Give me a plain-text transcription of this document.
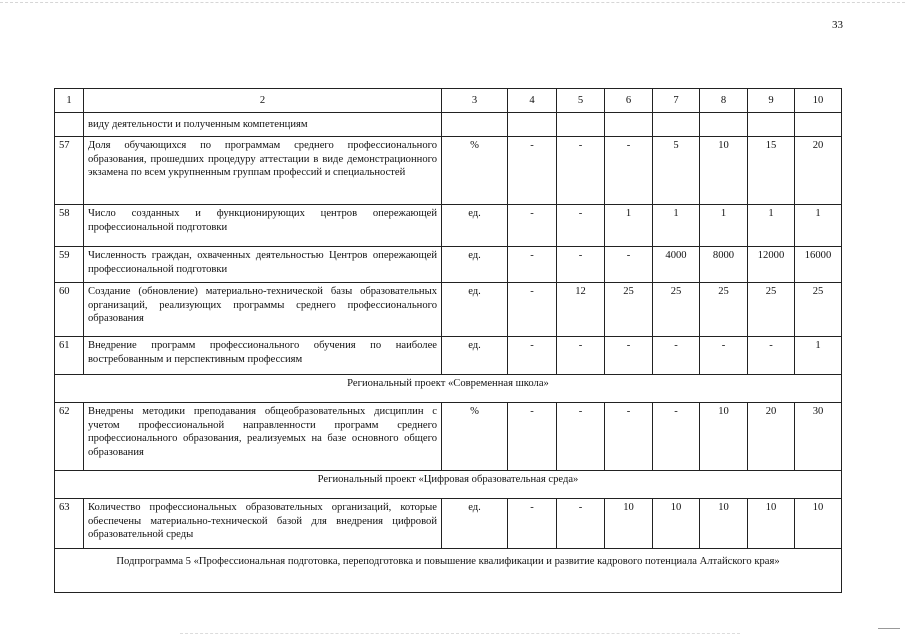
33
1	2	3	4	5	6	7	8	9	10
	виду деятельности и полученным компетенциям								
57	Доля обучающихся по программам среднего профессионального образования, прошедших процедуру аттестации в виде демонстрационного экзамена по всем укрупненным группам профессий и специальностей	%	-	-	-	5	10	15	20
58	Число созданных и функционирующих центров опережающей профессиональной подготовки	ед.	-	-	1	1	1	1	1
59	Численность граждан, охваченных деятельностью Центров опережающей профессиональной подготовки	ед.	-	-	-	4000	8000	12000	16000
60	Создание (обновление) материально-технической базы образовательных организаций, реализующих программы среднего профессионального образования	ед.	-	12	25	25	25	25	25
61	Внедрение программ профессионального обучения по наиболее востребованным и перспективным профессиям	ед.	-	-	-	-	-	-	1
Региональный проект «Современная школа»									
62	Внедрены методики преподавания общеобразовательных дисциплин с учетом профессиональной направленности программ среднего профессионального образования, реализуемых на базе основного общего образования	%	-	-	-	-	10	20	30
Региональный проект «Цифровая образовательная среда»									
63	Количество профессиональных образовательных организаций, которые обеспечены материально-технической базой для внедрения цифровой образовательной среды	ед.	-	-	10	10	10	10	10
Подпрограмма 5 «Профессиональная подготовка, переподготовка и повышение квалификации и развитие кадрового потенциала Алтайского края»									
